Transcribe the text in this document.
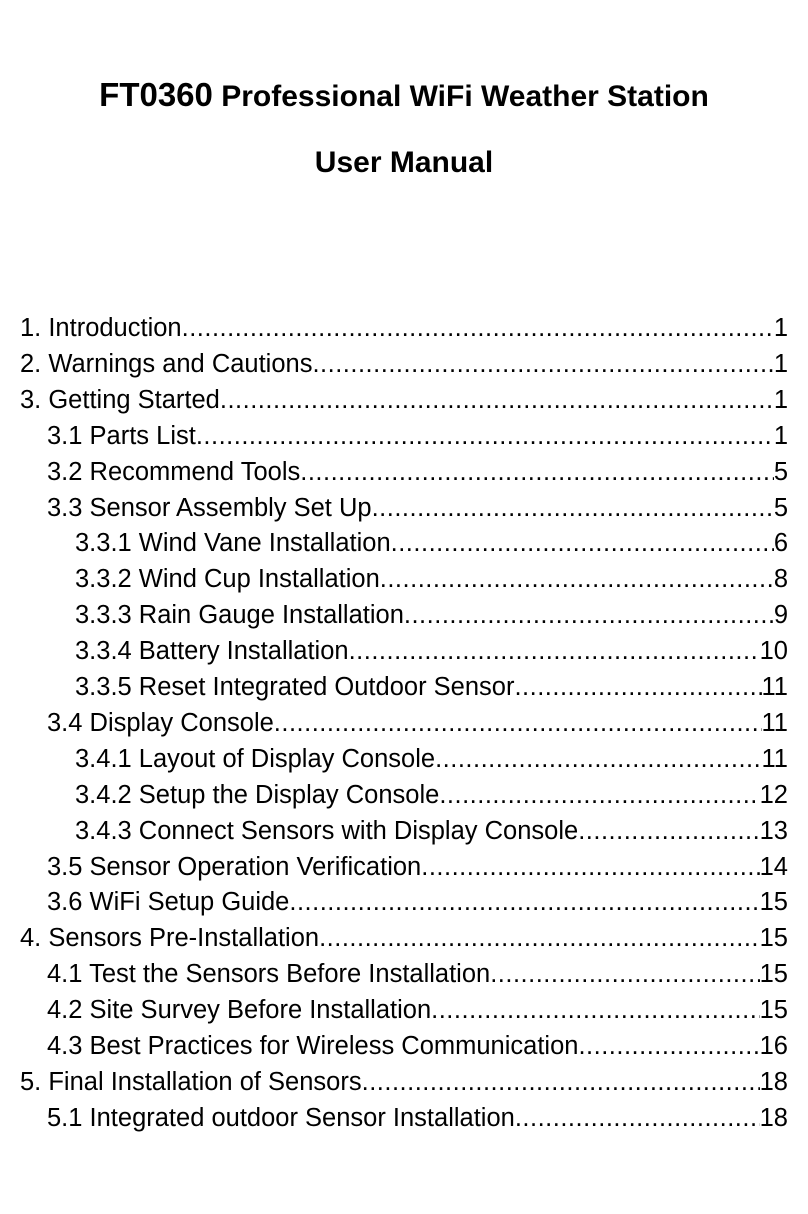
FT0360 Professional WiFi Weather Station
User Manual
1. Introduction .....	1
2. Warnings and Cautions .....	1
3. Getting Started .....	1
3.1 Parts List .....	1
3.2 Recommend Tools .....	5
3.3 Sensor Assembly Set Up .....	5
3.3.1 Wind Vane Installation .....	6
3.3.2 Wind Cup Installation .....	8
3.3.3 Rain Gauge Installation .....	9
3.3.4 Battery Installation .....	10
3.3.5 Reset Integrated Outdoor Sensor .....	11
3.4 Display Console .....	11
3.4.1 Layout of Display Console .....	11
3.4.2 Setup the Display Console .....	12
3.4.3 Connect Sensors with Display Console .....	13
3.5 Sensor Operation Verification .....	14
3.6 WiFi Setup Guide .....	15
4. Sensors Pre-Installation .....	15
4.1 Test the Sensors Before Installation .....	15
4.2 Site Survey Before Installation .....	15
4.3 Best Practices for Wireless Communication .....	16
5. Final Installation of Sensors .....	18
5.1 Integrated outdoor Sensor Installation .....	18
